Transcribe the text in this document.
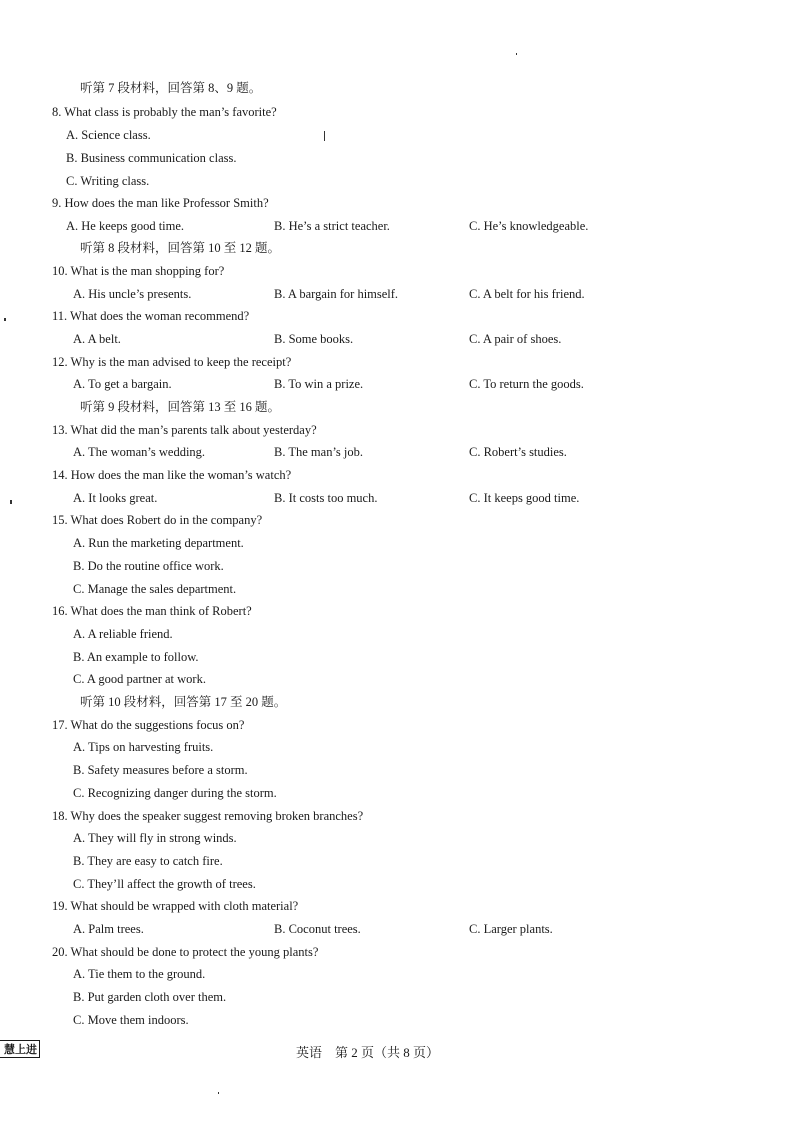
听第 7 段材料，回答第 8、9 题。
8. What class is probably the man’s favorite?
A. Science class.
B. Business communication class.
C. Writing class.
9. How does the man like Professor Smith?
A. He keeps good time.	B. He’s a strict teacher.	C. He’s knowledgeable.
听第 8 段材料，回答第 10 至 12 题。
10. What is the man shopping for?
A. His uncle’s presents.	B. A bargain for himself.	C. A belt for his friend.
11. What does the woman recommend?
A. A belt.	B. Some books.	C. A pair of shoes.
12. Why is the man advised to keep the receipt?
A. To get a bargain.	B. To win a prize.	C. To return the goods.
听第 9 段材料，回答第 13 至 16 题。
13. What did the man’s parents talk about yesterday?
A. The woman’s wedding.	B. The man’s job.	C. Robert’s studies.
14. How does the man like the woman’s watch?
A. It looks great.	B. It costs too much.	C. It keeps good time.
15. What does Robert do in the company?
A. Run the marketing department.
B. Do the routine office work.
C. Manage the sales department.
16. What does the man think of Robert?
A. A reliable friend.
B. An example to follow.
C. A good partner at work.
听第 10 段材料，回答第 17 至 20 题。
17. What do the suggestions focus on?
A. Tips on harvesting fruits.
B. Safety measures before a storm.
C. Recognizing danger during the storm.
18. Why does the speaker suggest removing broken branches?
A. They will fly in strong winds.
B. They are easy to catch fire.
C. They’ll affect the growth of trees.
19. What should be wrapped with cloth material?
A. Palm trees.	B. Coconut trees.	C. Larger plants.
20. What should be done to protect the young plants?
A. Tie them to the ground.
B. Put garden cloth over them.
C. Move them indoors.
慧上进	英语　第 2 页（共 8 页）
